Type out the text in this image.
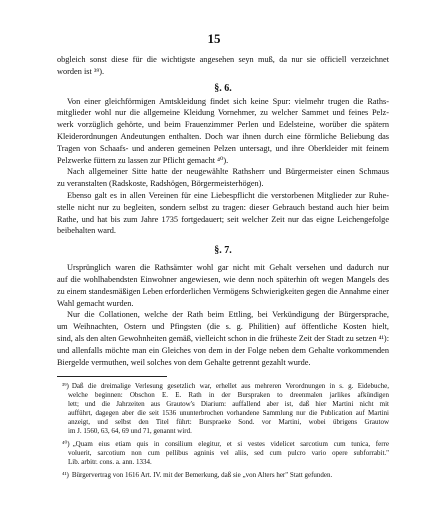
15
obgleich sonst diese für die wichtigste angesehen seyn muß, da nur sie officiell verzeichnet
worden ist ³⁹).
§. 6.
Von einer gleichförmigen Amtskleidung findet sich keine Spur: vielmehr trugen die Raths-
mitglieder wohl nur die allgemeine Kleidung Vornehmer, zu welcher Sammet und feines Pelz-
werk vorzüglich gehörte, und beim Frauenzimmer Perlen und Edelsteine, worüber die spätern
Kleiderordnungen Andeutungen enthalten. Doch war ihnen durch eine förmliche Beliebung das
Tragen von Schaafs- und anderen gemeinen Pelzen untersagt, und ihre Oberkleider mit feinem
Pelzwerke füttern zu lassen zur Pflicht gemacht ⁴⁰).
Nach allgemeiner Sitte hatte der neugewählte Rathsherr und Bürgermeister einen Schmaus
zu veranstalten (Radskoste, Radshögen, Börgermeisterhögen).
Ebenso galt es in allen Vereinen für eine Liebespflicht die verstorbenen Mitglieder zur Ruhe-
stelle nicht nur zu begleiten, sondern selbst zu tragen: dieser Gebrauch bestand auch hier beim
Rathe, und hat bis zum Jahre 1735 fortgedauert; seit welcher Zeit nur das eigne Leichengefolge
beibehalten ward.
§. 7.
Ursprünglich waren die Rathsämter wohl gar nicht mit Gehalt versehen und dadurch nur
auf die wohlhabendsten Einwohner angewiesen, wie denn noch späterhin oft wegen Mangels des
zu einem standesmäßigen Leben erforderlichen Vermögens Schwierigkeiten gegen die Annahme einer
Wahl gemacht wurden.
Nur die Collationen, welche der Rath beim Ettling, bei Verkündigung der Bürgersprache,
um Weihnachten, Ostern und Pfingsten (die s. g. Philitien) auf öffentliche Kosten hielt,
sind, als den alten Gewohnheiten gemäß, vielleicht schon in die früheste Zeit der Stadt zu setzen ⁴¹):
und allenfalls möchte man ein Gleiches von dem in der Folge neben dem Gehalte vorkommenden
Biergelde vermuthen, weil solches von dem Gehalte getrennt gezahlt wurde.
³⁹) Daß die dreimalige Verlesung gesetzlich war, erhellet aus mehreren Verordnungen in s. g. Eidebuche,
welche beginnen: Obschon E. E. Rath in der Burspraken to dreenmalen jarlikes afkündigen
lett; und die Jahrzeiten aus Grautow's Diarium: auffallend aber ist, daß hier Martini nicht mit
aufführt, dagegen aber die seit 1536 ununterbrochen vorhandene Sammlung nur die Publication auf Martini
anzeigt, und selbst den Titel führt: Burspraeke Sond. vor Martini, wobei übrigens Grautow
im J. 1560, 63, 64, 69 und 71, genannt wird.
⁴⁰) „Quam eius etiam quis in consilium elegitur, et si vestes videlicet sarcotium cum tunica, ferre
voluerit, sarcotium non cum pellibus agninis vel aliis, sed cum pulcro vario opere subforrabit."
Lib. arbitr. cons. a. ann. 1334.
⁴¹) Bürgervertrag von 1616 Art. IV. mit der Bemerkung, daß sie „von Alters her" Statt gefunden.
